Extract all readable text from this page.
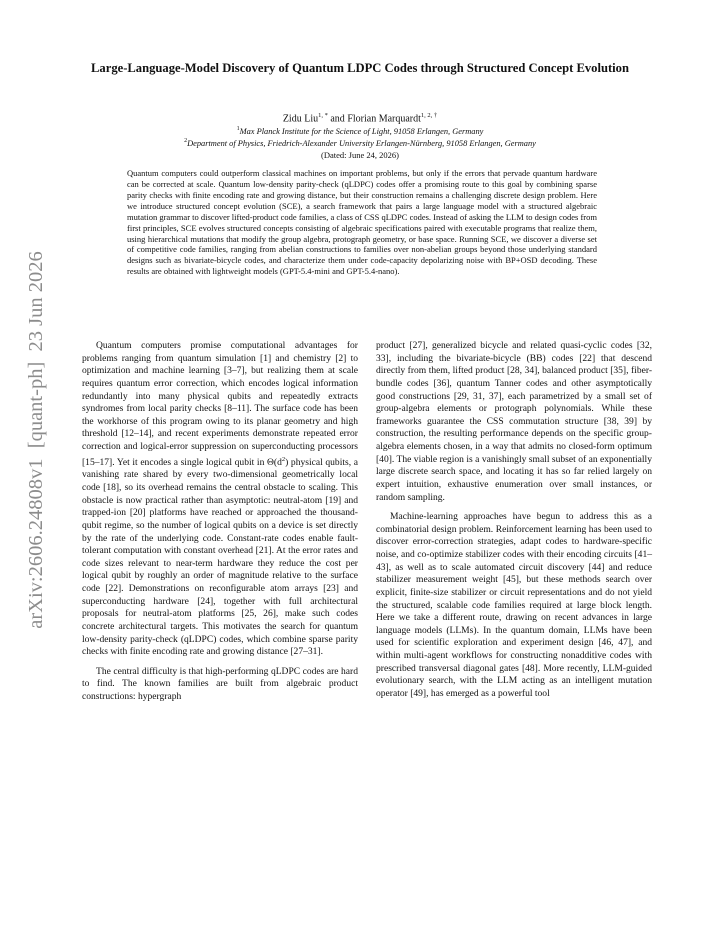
arXiv:2606.24808v1  [quant-ph]  23 Jun 2026
Large-Language-Model Discovery of Quantum LDPC Codes through Structured Concept Evolution
Zidu Liu$^{1, *}$ and Florian Marquardt$^{1, 2, \dagger}$
$^1$Max Planck Institute for the Science of Light, 91058 Erlangen, Germany
$^2$Department of Physics, Friedrich-Alexander University Erlangen-Nürnberg, 91058 Erlangen, Germany
(Dated: June 24, 2026)

Quantum computers could outperform classical machines on important problems, but only if the errors that pervade quantum hardware can be corrected at scale. Quantum low-density parity-check (qLDPC) codes offer a promising route to this goal by combining sparse parity checks with finite encoding rate and growing distance, but their construction remains a challenging discrete design problem. Here we introduce structured concept evolution (SCE), a search framework that pairs a large language model with a structured algebraic mutation grammar to discover lifted-product code families, a class of CSS qLDPC codes. Instead of asking the LLM to design codes from first principles, SCE evolves structured concepts consisting of algebraic specifications paired with executable programs that realize them, using hierarchical mutations that modify the group algebra, protograph geometry, or base space. Running SCE, we discover a diverse set of competitive code families, ranging from abelian constructions to families over non-abelian groups beyond those underlying standard designs such as bivariate-bicycle codes, and characterize them under code-capacity depolarizing noise with BP+OSD decoding. These results are obtained with lightweight models (GPT-5.4-mini and GPT-5.4-nano).

Quantum computers promise computational advantages for problems ranging from quantum simulation [1] and chemistry [2] to optimization and machine learning [3–7], but realizing them at scale requires quantum error correction, which encodes logical information redundantly into many physical qubits and repeatedly extracts syndromes from local parity checks [8–11]. The surface code has been the workhorse of this program owing to its planar geometry and high threshold [12–14], and recent experiments demonstrate repeated error correction and logical-error suppression on superconducting processors [15–17]. Yet it encodes a single logical qubit in $\Theta(d^2)$ physical qubits, a vanishing rate shared by every two-dimensional geometrically local code [18], so its overhead remains the central obstacle to scaling. This obstacle is now practical rather than asymptotic: neutral-atom [19] and trapped-ion [20] platforms have reached or approached the thousand-qubit regime, so the number of logical qubits on a device is set directly by the rate of the underlying code. Constant-rate codes enable fault-tolerant computation with constant overhead [21]. At the error rates and code sizes relevant to near-term hardware they reduce the cost per logical qubit by roughly an order of magnitude relative to the surface code [22]. Demonstrations on reconfigurable atom arrays [23] and superconducting hardware [24], together with full architectural proposals for neutral-atom platforms [25, 26], make such codes concrete architectural targets. This motivates the search for quantum low-density parity-check (qLDPC) codes, which combine sparse parity checks with finite encoding rate and growing distance [27–31].

The central difficulty is that high-performing qLDPC codes are hard to find. The known families are built from algebraic product constructions: hypergraph

product [27], generalized bicycle and related quasi-cyclic codes [32, 33], including the bivariate-bicycle (BB) codes [22] that descend directly from them, lifted product [28, 34], balanced product [35], fiber-bundle codes [36], quantum Tanner codes and other asymptotically good constructions [29, 31, 37], each parametrized by a small set of group-algebra elements or protograph polynomials. While these frameworks guarantee the CSS commutation structure [38, 39] by construction, the resulting performance depends on the specific group-algebra elements chosen, in a way that admits no closed-form optimum [40]. The viable region is a vanishingly small subset of an exponentially large discrete search space, and locating it has so far relied largely on expert intuition, exhaustive enumeration over small instances, or random sampling.

Machine-learning approaches have begun to address this as a combinatorial design problem. Reinforcement learning has been used to discover error-correction strategies, adapt codes to hardware-specific noise, and co-optimize stabilizer codes with their encoding circuits [41–43], as well as to scale automated circuit discovery [44] and reduce stabilizer measurement weight [45], but these methods search over explicit, finite-size stabilizer or circuit representations and do not yield the structured, scalable code families required at large block length. Here we take a different route, drawing on recent advances in large language models (LLMs). In the quantum domain, LLMs have been used for scientific exploration and experiment design [46, 47], and within multi-agent workflows for constructing nonadditive codes with prescribed transversal diagonal gates [48]. More recently, LLM-guided evolutionary search, with the LLM acting as an intelligent mutation operator [49], has emerged as a powerful tool
